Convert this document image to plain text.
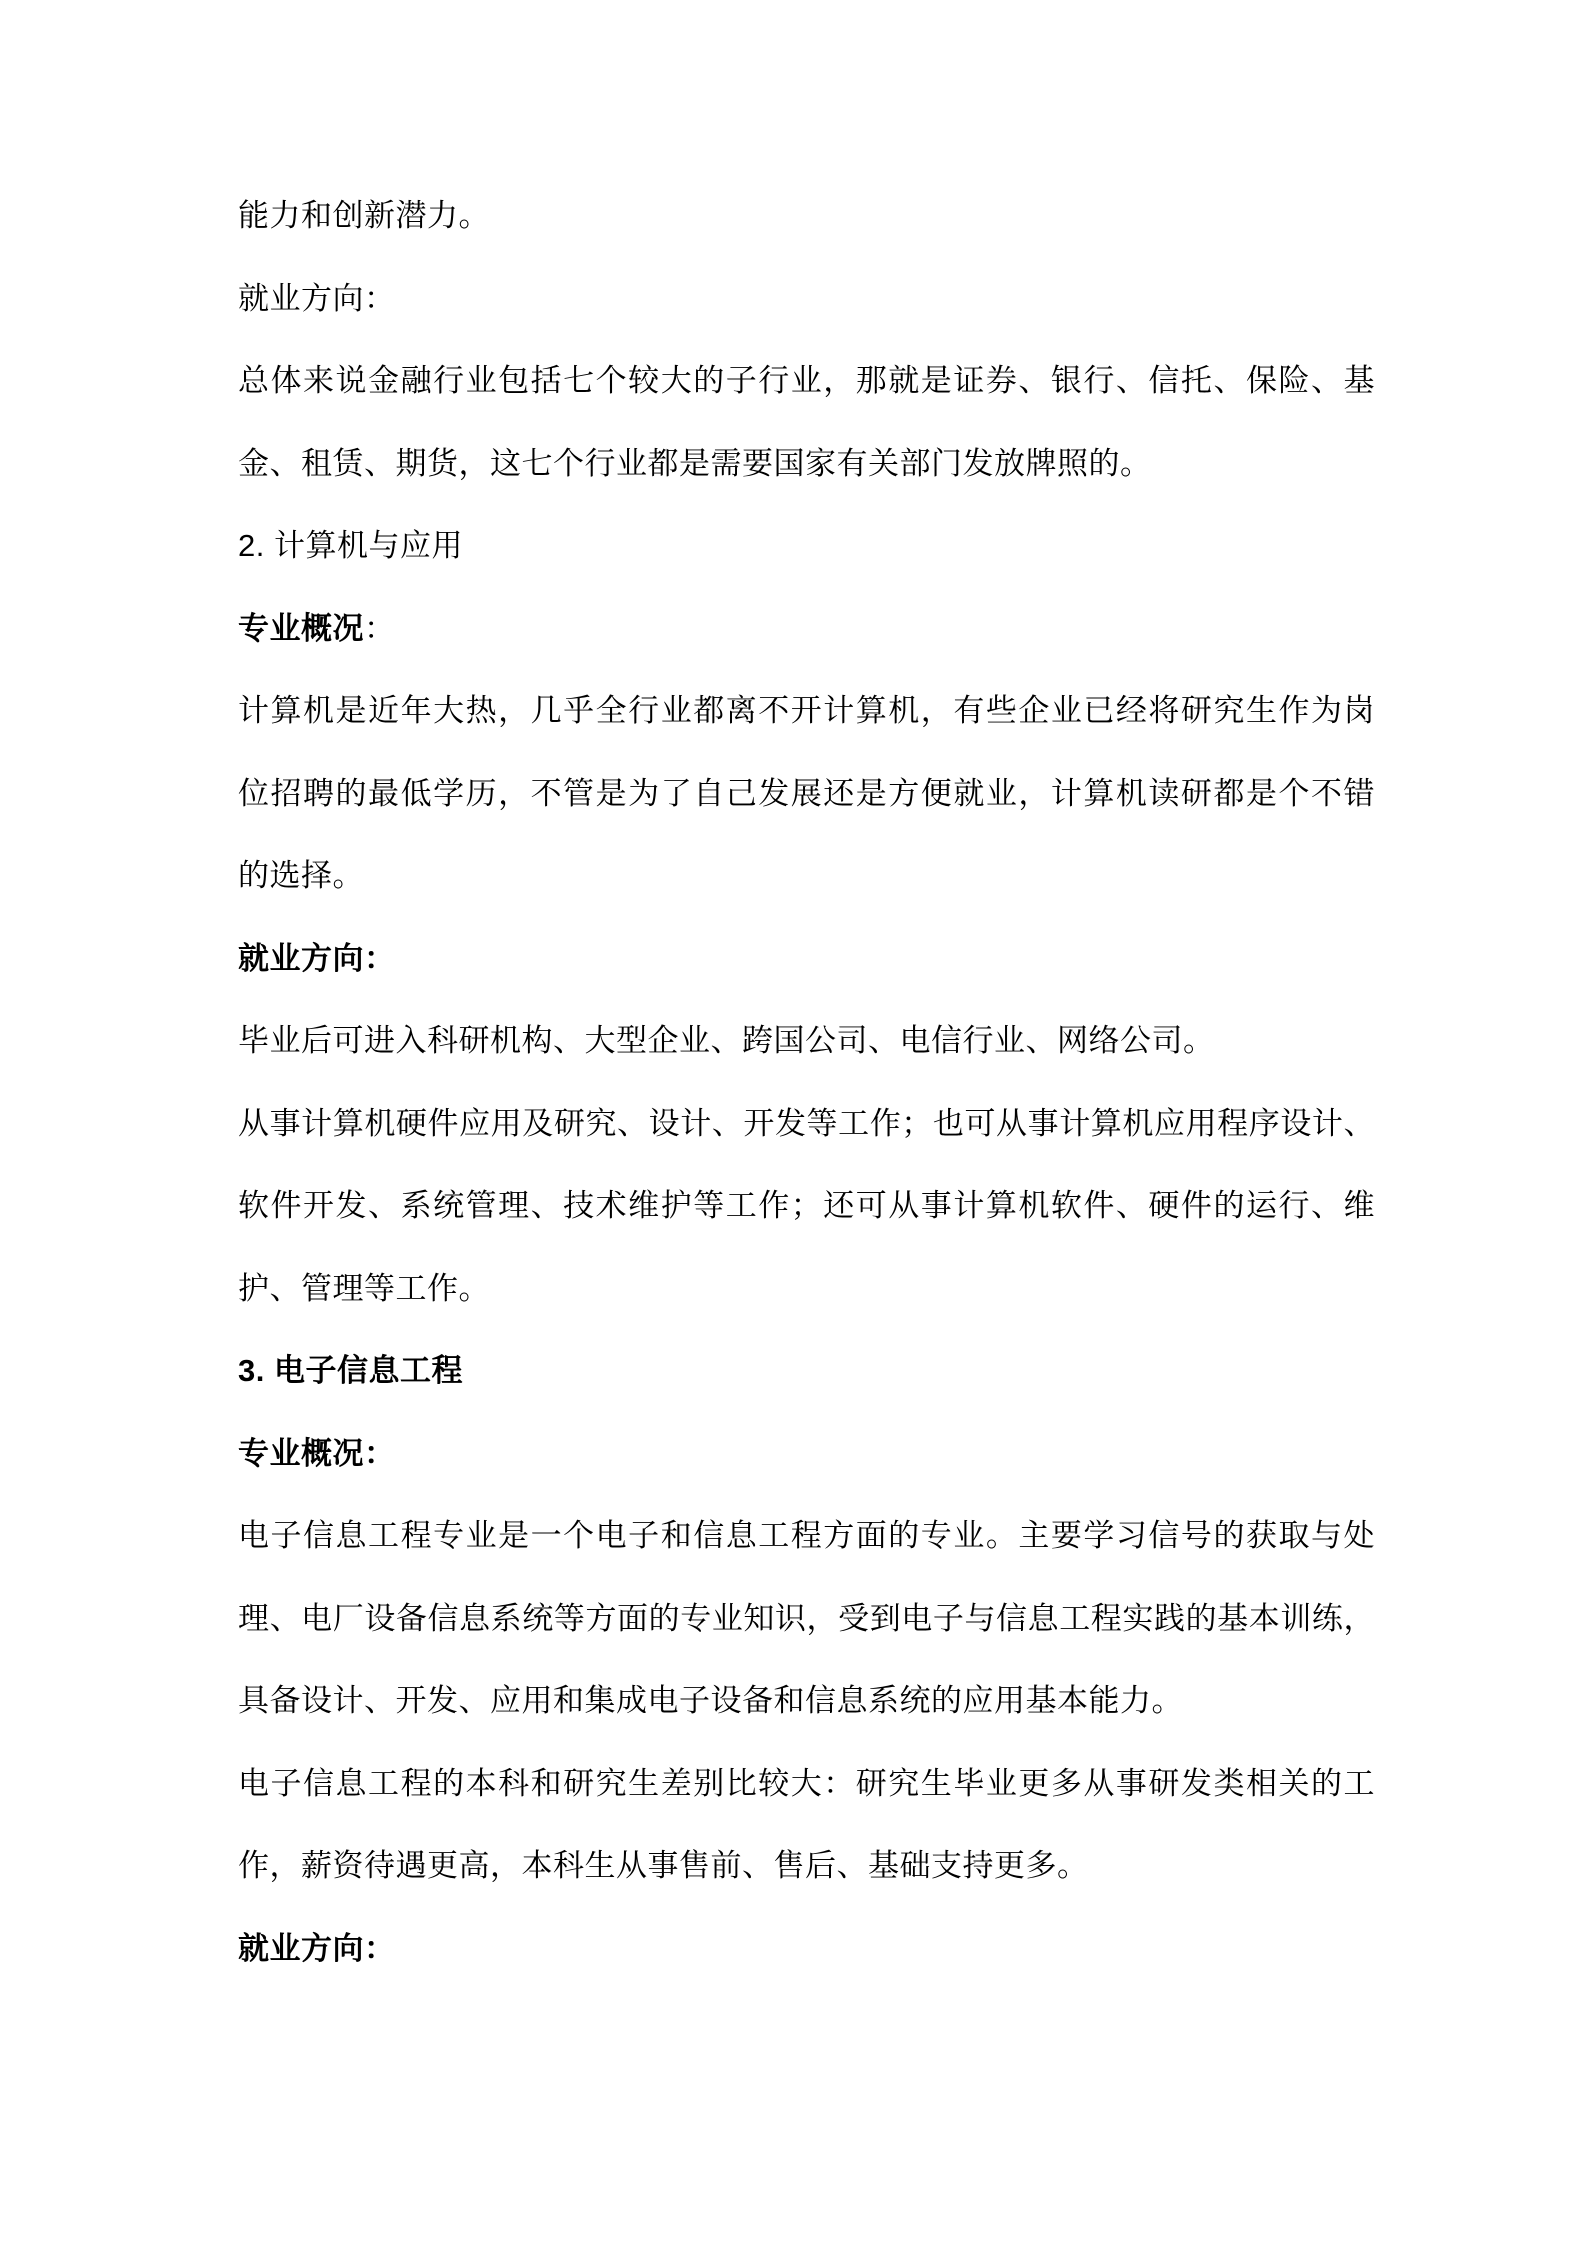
能力和创新潜力。
就业方向：
总体来说金融行业包括七个较大的子行业，那就是证券、银行、信托、保险、基
金、租赁、期货，这七个行业都是需要国家有关部门发放牌照的。
2. 计算机与应用
专业概况：
计算机是近年大热，几乎全行业都离不开计算机，有些企业已经将研究生作为岗
位招聘的最低学历，不管是为了自己发展还是方便就业，计算机读研都是个不错
的选择。
就业方向：
毕业后可进入科研机构、大型企业、跨国公司、电信行业、网络公司。
从事计算机硬件应用及研究、设计、开发等工作；也可从事计算机应用程序设计、
软件开发、系统管理、技术维护等工作；还可从事计算机软件、硬件的运行、维
护、管理等工作。
3. 电子信息工程
专业概况：
电子信息工程专业是一个电子和信息工程方面的专业。主要学习信号的获取与处
理、电厂设备信息系统等方面的专业知识，受到电子与信息工程实践的基本训练，
具备设计、开发、应用和集成电子设备和信息系统的应用基本能力。
电子信息工程的本科和研究生差别比较大：研究生毕业更多从事研发类相关的工
作，薪资待遇更高，本科生从事售前、售后、基础支持更多。
就业方向：
